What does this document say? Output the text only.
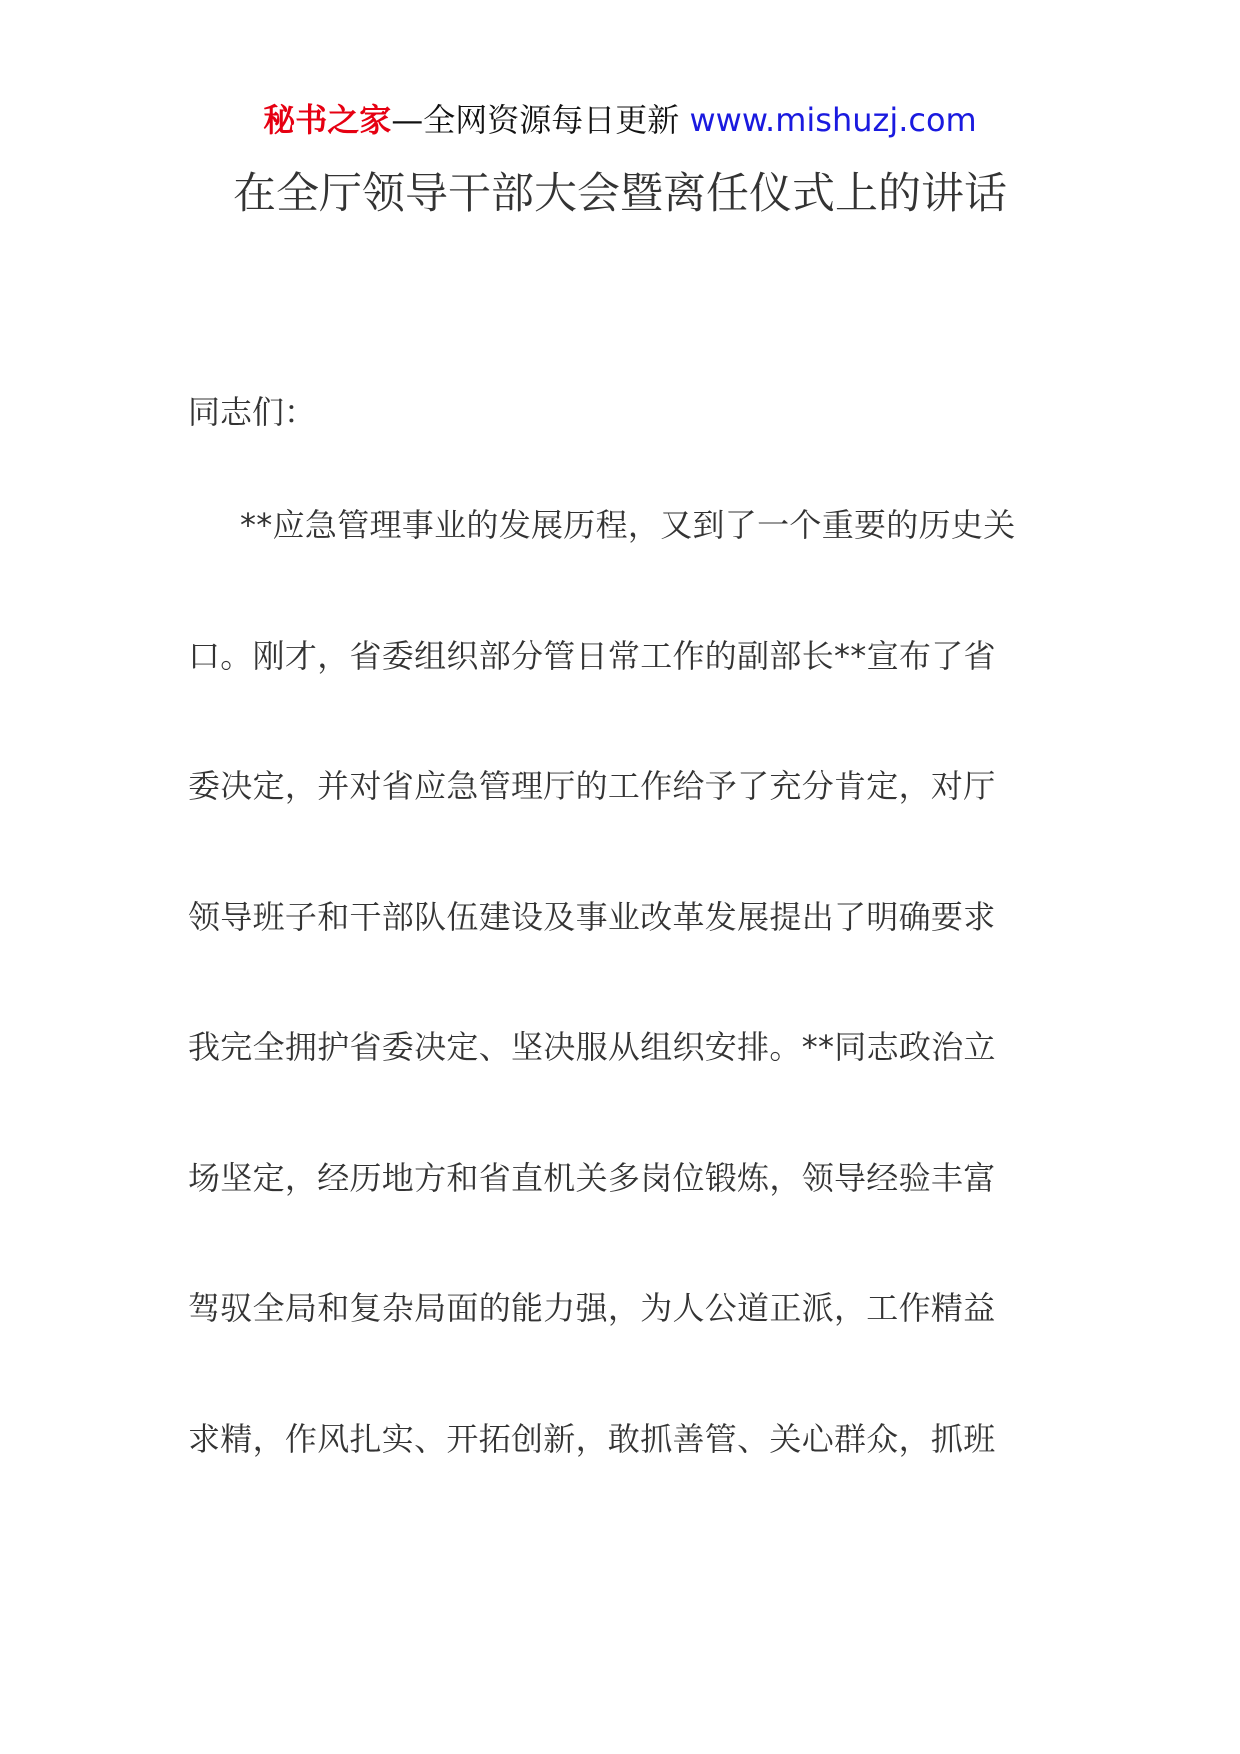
秘书之家—全网资源每日更新 www.mishuzj.com
在全厅领导干部大会暨离任仪式上的讲话
同志们：
**应急管理事业的发展历程，又到了一个重要的历史关
口。刚才，省委组织部分管日常工作的副部长**宣布了省
委决定，并对省应急管理厅的工作给予了充分肯定，对厅
领导班子和干部队伍建设及事业改革发展提出了明确要求
我完全拥护省委决定、坚决服从组织安排。**同志政治立
场坚定，经历地方和省直机关多岗位锻炼，领导经验丰富
驾驭全局和复杂局面的能力强，为人公道正派，工作精益
求精，作风扎实、开拓创新，敢抓善管、关心群众，抓班
